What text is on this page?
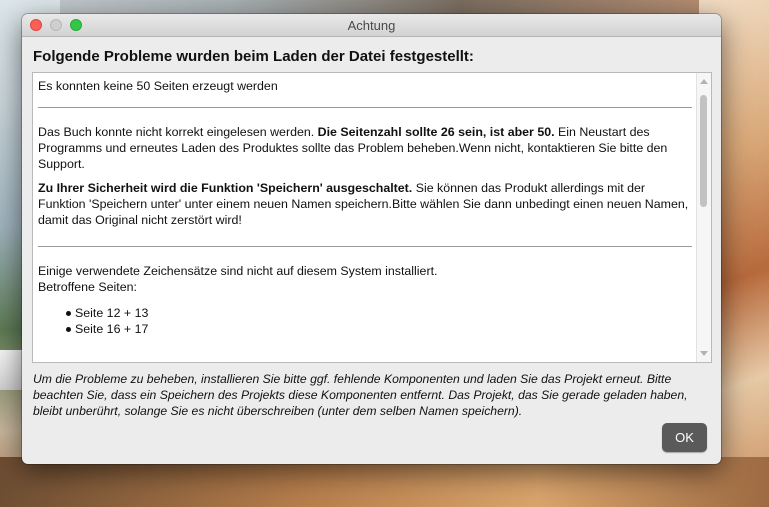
Achtung
Folgende Probleme wurden beim Laden der Datei festgestellt:

Es konnten keine 50 Seiten erzeugt werden

Das Buch konnte nicht korrekt eingelesen werden. Die Seitenzahl sollte 26 sein, ist aber 50. Ein Neustart des Programms und erneutes Laden des Produktes sollte das Problem beheben.Wenn nicht, kontaktieren Sie bitte den Support.

Zu Ihrer Sicherheit wird die Funktion 'Speichern' ausgeschaltet. Sie können das Produkt allerdings mit der Funktion 'Speichern unter' unter einem neuen Namen speichern.Bitte wählen Sie dann unbedingt einen neuen Namen, damit das Original nicht zerstört wird!

Einige verwendete Zeichensätze sind nicht auf diesem System installiert.

Betroffene Seiten:

Seite 12 + 13
Seite 16 + 17
Um die Probleme zu beheben, installieren Sie bitte ggf. fehlende Komponenten und laden Sie das Projekt erneut. Bitte beachten Sie, dass ein Speichern des Projekts diese Komponenten entfernt. Das Projekt, das Sie gerade geladen haben, bleibt unberührt, solange Sie es nicht überschreiben (unter dem selben Namen speichern).
OK
